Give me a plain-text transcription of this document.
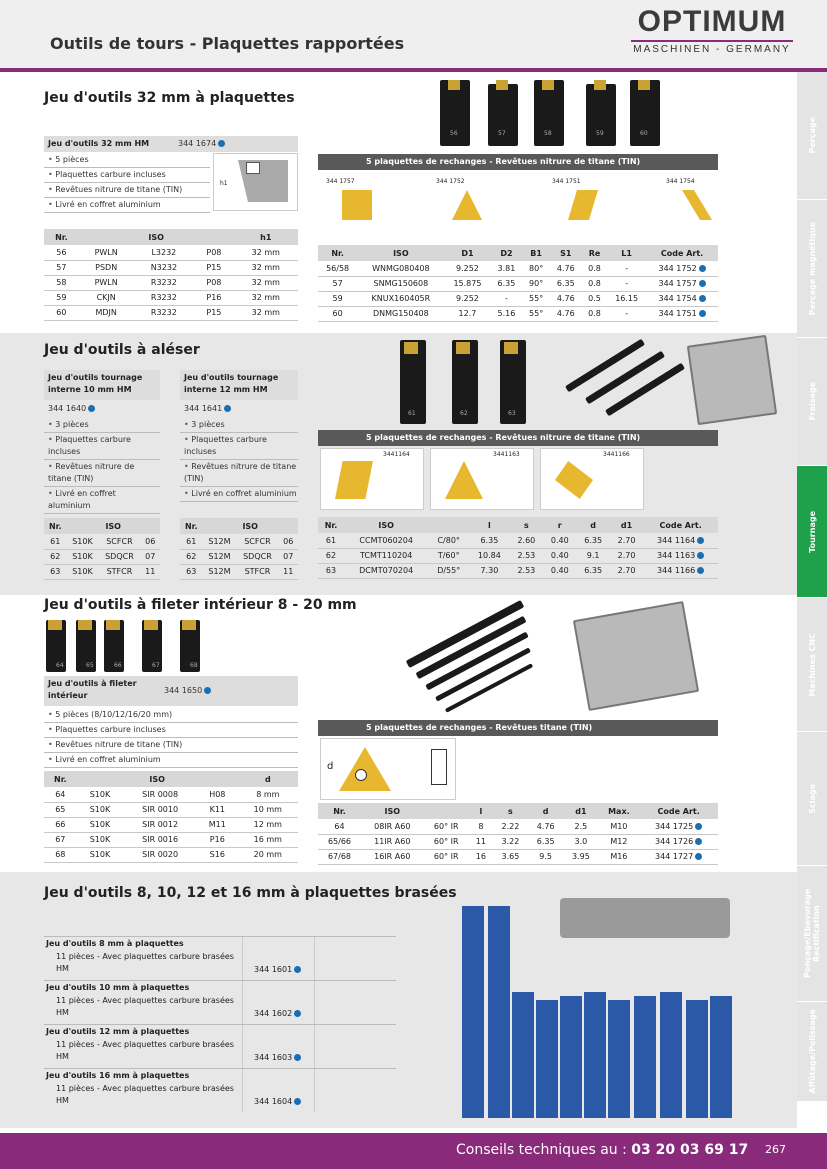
Outils de tours - Plaquettes rapportées
OPTIMUM
MASCHINEN - GERMANY
Perçage
Perçage magnétique
Fraisage
Tournage
Machines CNC
Sciage
Ponçage/Ebavurage Rectification
Affûtage/Polissage
Jeu d'outils 32 mm à plaquettes
Jeu d'outils 32 mm HM	344 1674
• 5 pièces
• Plaquettes carbure incluses
• Revêtues nitrure de titane (TIN)
• Livré en coffret aluminium
h1
Nr.	ISO			h1
56	PWLN	L3232	P08	32 mm
57	PSDN	N3232	P15	32 mm
58	PWLN	R3232	P08	32 mm
59	CKJN	R3232	P16	32 mm
60	MDJN	R3232	P15	32 mm
56	57	58	59	60
5 plaquettes de rechanges - Revêtues nitrure de titane (TIN)
344 1757	344 1752	344 1751	344 1754
Nr.	ISO	D1	D2	B1	S1	Re	L1	Code Art.
56/58	WNMG080408	9.252	3.81	80°	4.76	0.8	-	344 1752
57	SNMG150608	15.875	6.35	90°	6.35	0.8	-	344 1757
59	KNUX160405R	9.252	-	55°	4.76	0.5	16.15	344 1754
60	DNMG150408	12.7	5.16	55°	4.76	0.8	-	344 1751
Jeu d'outils à aléser
Jeu d'outils tournage interne 10 mm HM
344 1640
• 3 pièces
• Plaquettes carbure incluses
• Revêtues nitrure de titane (TIN)
• Livré en coffret aluminium
Nr.	ISO		
61	S10K	SCFCR	06
62	S10K	SDQCR	07
63	S10K	STFCR	11
Jeu d'outils tournage interne 12 mm HM
344 1641
• 3 pièces
• Plaquettes carbure incluses
• Revêtues nitrure de titane (TIN)
• Livré en coffret aluminium
Nr.	ISO		
61	S12M	SCFCR	06
62	S12M	SDQCR	07
63	S12M	STFCR	11
61	62	63
5 plaquettes de rechanges - Revêtues nitrure de titane (TIN)
3441164	3441163	3441166
Nr.	ISO		l	s	r	d	d1	Code Art.
61	CCMT060204	C/80°	6.35	2.60	0.40	6.35	2.70	344 1164
62	TCMT110204	T/60°	10.84	2.53	0.40	9.1	2.70	344 1163
63	DCMT070204	D/55°	7.30	2.53	0.40	6.35	2.70	344 1166
Jeu d'outils à fileter intérieur 8 - 20 mm
64	65	66	67	68
Jeu d'outils à fileter intérieur
344 1650
• 5 pièces (8/10/12/16/20 mm)
• Plaquettes carbure incluses
• Revêtues nitrure de titane (TIN)
• Livré en coffret aluminium
Nr.	ISO			d
64	S10K	SIR 0008	H08	8 mm
65	S10K	SIR 0010	K11	10 mm
66	S10K	SIR 0012	M11	12 mm
67	S10K	SIR 0016	P16	16 mm
68	S10K	SIR 0020	S16	20 mm
5 plaquettes de rechanges - Revêtues titane (TIN)
d
Nr.	ISO		l	s	d	d1	Max.	Code Art.
64	08IR A60	60° IR	8	2.22	4.76	2.5	M10	344 1725
65/66	11IR A60	60° IR	11	3.22	6.35	3.0	M12	344 1726
67/68	16IR A60	60° IR	16	3.65	9.5	3.95	M16	344 1727
Jeu d'outils 8, 10, 12 et 16 mm à plaquettes brasées
Jeu d'outils 8 mm à plaquettes
11 pièces - Avec plaquettes carbure brasées HM	344 1601
Jeu d'outils 10 mm à plaquettes
11 pièces - Avec plaquettes carbure brasées HM	344 1602
Jeu d'outils 12 mm à plaquettes
11 pièces - Avec plaquettes carbure brasées HM	344 1603
Jeu d'outils 16 mm à plaquettes
11 pièces - Avec plaquettes carbure brasées HM	344 1604
Conseils techniques au : 03 20 03 69 17 267
